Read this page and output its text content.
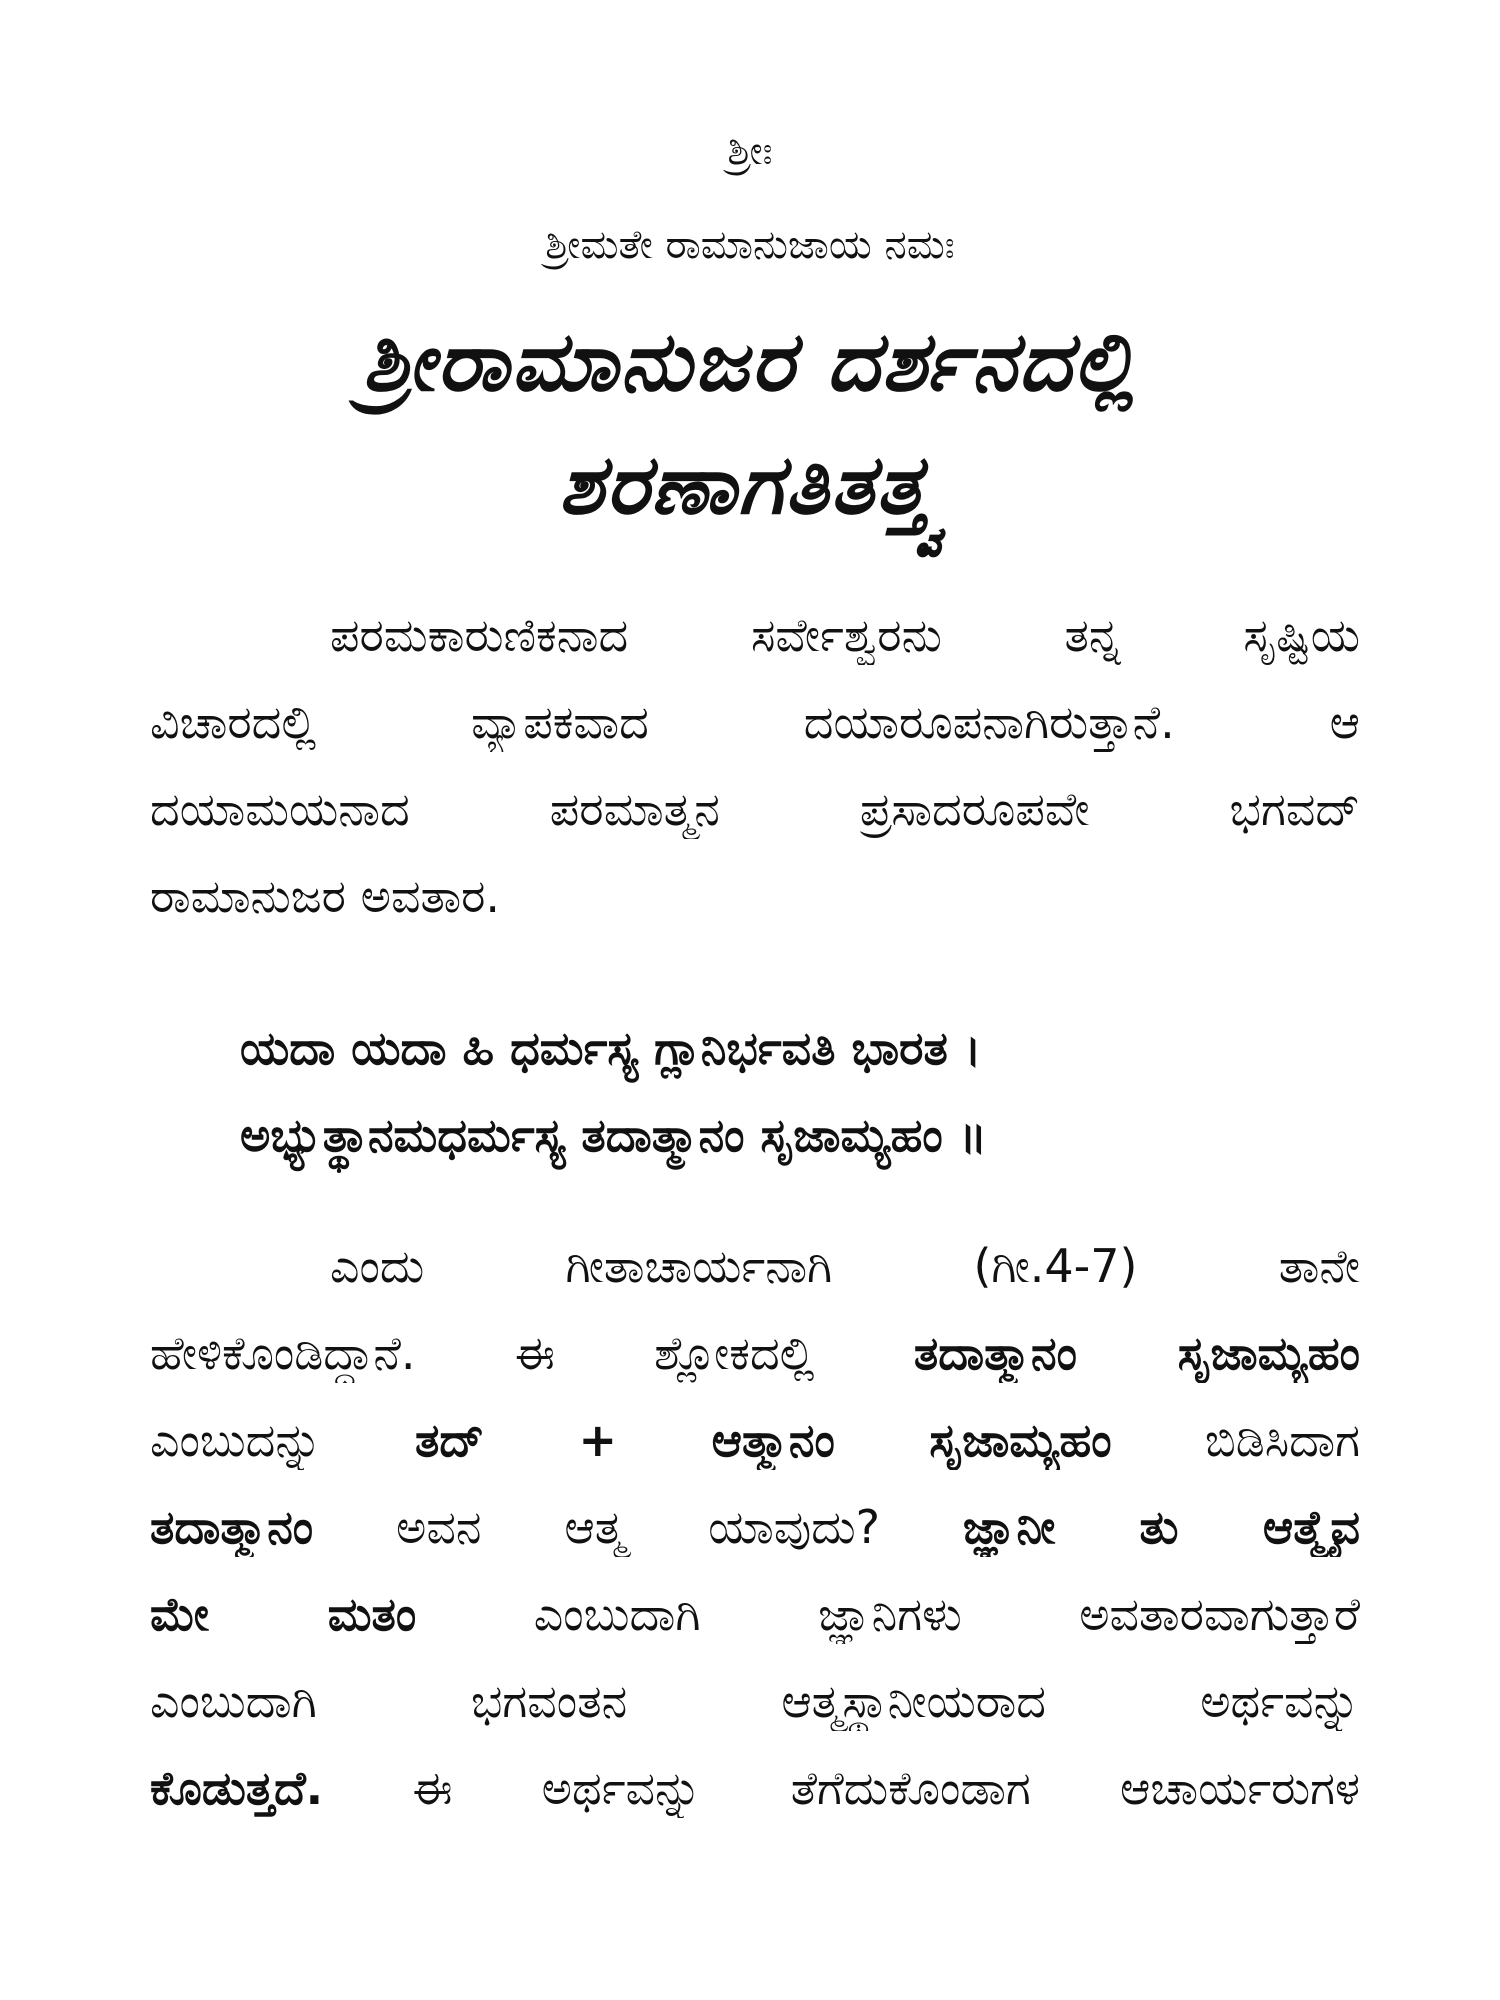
ಶ್ರೀಃ
ಶ್ರೀಮತೇ ರಾಮಾನುಜಾಯ ನಮಃ
ಶ್ರೀರಾಮಾನುಜರ ದರ್ಶನದಲ್ಲಿ
ಶರಣಾಗತಿತತ್ತ್ವ
ಪರಮಕಾರುಣಿಕನಾದ ಸರ್ವೇಶ್ವರನು ತನ್ನ ಸೃಷ್ಟಿಯ
ವಿಚಾರದಲ್ಲಿ ವ್ಯಾಪಕವಾದ ದಯಾರೂಪನಾಗಿರುತ್ತಾನೆ. ಆ
ದಯಾಮಯನಾದ ಪರಮಾತ್ಮನ ಪ್ರಸಾದರೂಪವೇ ಭಗವದ್
ರಾಮಾನುಜರ ಅವತಾರ.
ಯದಾ ಯದಾ ಹಿ ಧರ್ಮಸ್ಯ ಗ್ಲಾನಿರ್ಭವತಿ ಭಾರತ ।
ಅಭ್ಯುತ್ಥಾನಮಧರ್ಮಸ್ಯ ತದಾತ್ಮಾನಂ ಸೃಜಾಮ್ಯಹಂ ॥
ಎಂದು ಗೀತಾಚಾರ್ಯನಾಗಿ (ಗೀ.4-7) ತಾನೇ
ಹೇಳಿಕೊಂಡಿದ್ದಾನೆ. ಈ ಶ್ಲೋಕದಲ್ಲಿ ತದಾತ್ಮಾನಂ ಸೃಜಾಮ್ಯಹಂ
ಎಂಬುದನ್ನು ತದ್ + ಆತ್ಮಾನಂ ಸೃಜಾಮ್ಯಹಂ ಬಿಡಿಸಿದಾಗ
ತದಾತ್ಮಾನಂ ಅವನ ಆತ್ಮ ಯಾವುದು? ಜ್ಞಾನೀ ತು ಆತ್ಮೈವ
ಮೇ ಮತಂ ಎಂಬುದಾಗಿ ಜ್ಞಾನಿಗಳು ಅವತಾರವಾಗುತ್ತಾರೆ
ಎಂಬುದಾಗಿ ಭಗವಂತನ ಆತ್ಮಸ್ಥಾನೀಯರಾದ ಅರ್ಥವನ್ನು
ಕೊಡುತ್ತದೆ. ಈ ಅರ್ಥವನ್ನು ತೆಗೆದುಕೊಂಡಾಗ ಆಚಾರ್ಯರುಗಳ
